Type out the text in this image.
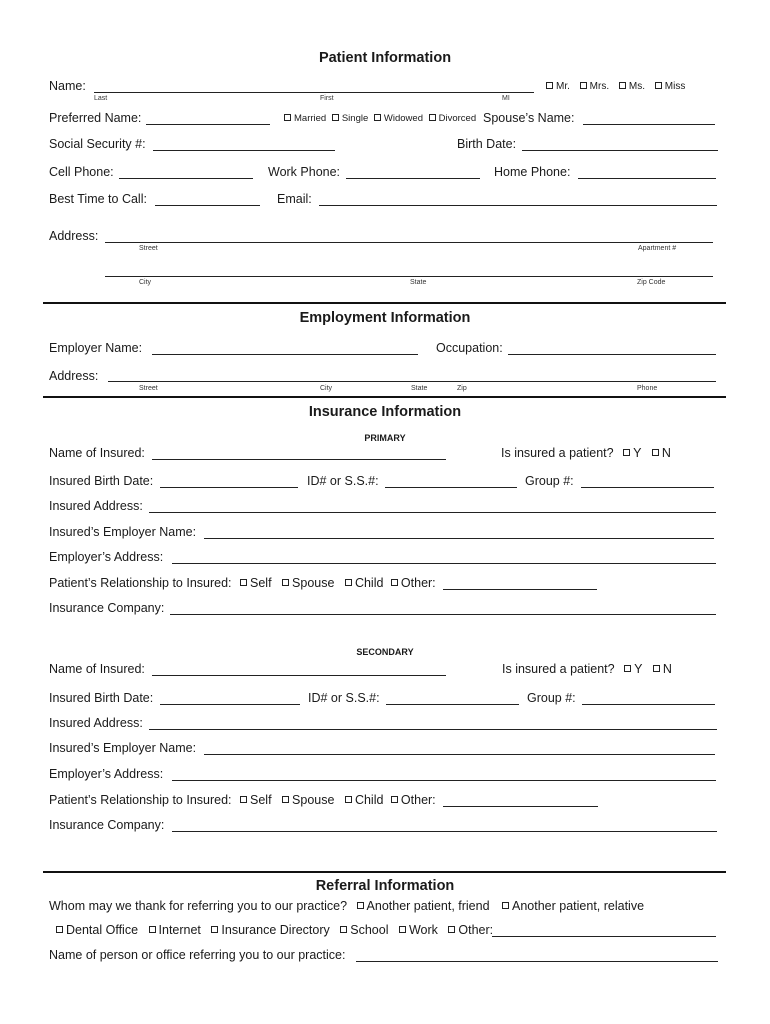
Patient Information
Name:
Last	First	MI
Mr. Mrs. Ms. Miss
Preferred Name:	Married Single Widowed Divorced Spouse’s Name:
Social Security #:	Birth Date:
Cell Phone:	Work Phone:	Home Phone:
Best Time to Call:	Email:
Address:
Street	Apartment #
City	State	Zip Code
Employment Information
Employer Name:	Occupation:
Address:
Street	City	State	Zip	Phone
Insurance Information
PRIMARY
Name of Insured:	Is insured a patient? Y N
Insured Birth Date:	ID# or S.S.#:	Group #:
Insured Address:
Insured’s Employer Name:
Employer’s Address:
Patient’s Relationship to Insured: Self Spouse Child Other:
Insurance Company:
SECONDARY
Name of Insured:	Is insured a patient? Y N
Insured Birth Date:	ID# or S.S.#:	Group #:
Insured Address:
Insured’s Employer Name:
Employer’s Address:
Patient’s Relationship to Insured: Self Spouse Child Other:
Insurance Company:
Referral Information
Whom may we thank for referring you to our practice? Another patient, friend Another patient, relative
Dental Office Internet Insurance Directory School Work Other:
Name of person or office referring you to our practice:
